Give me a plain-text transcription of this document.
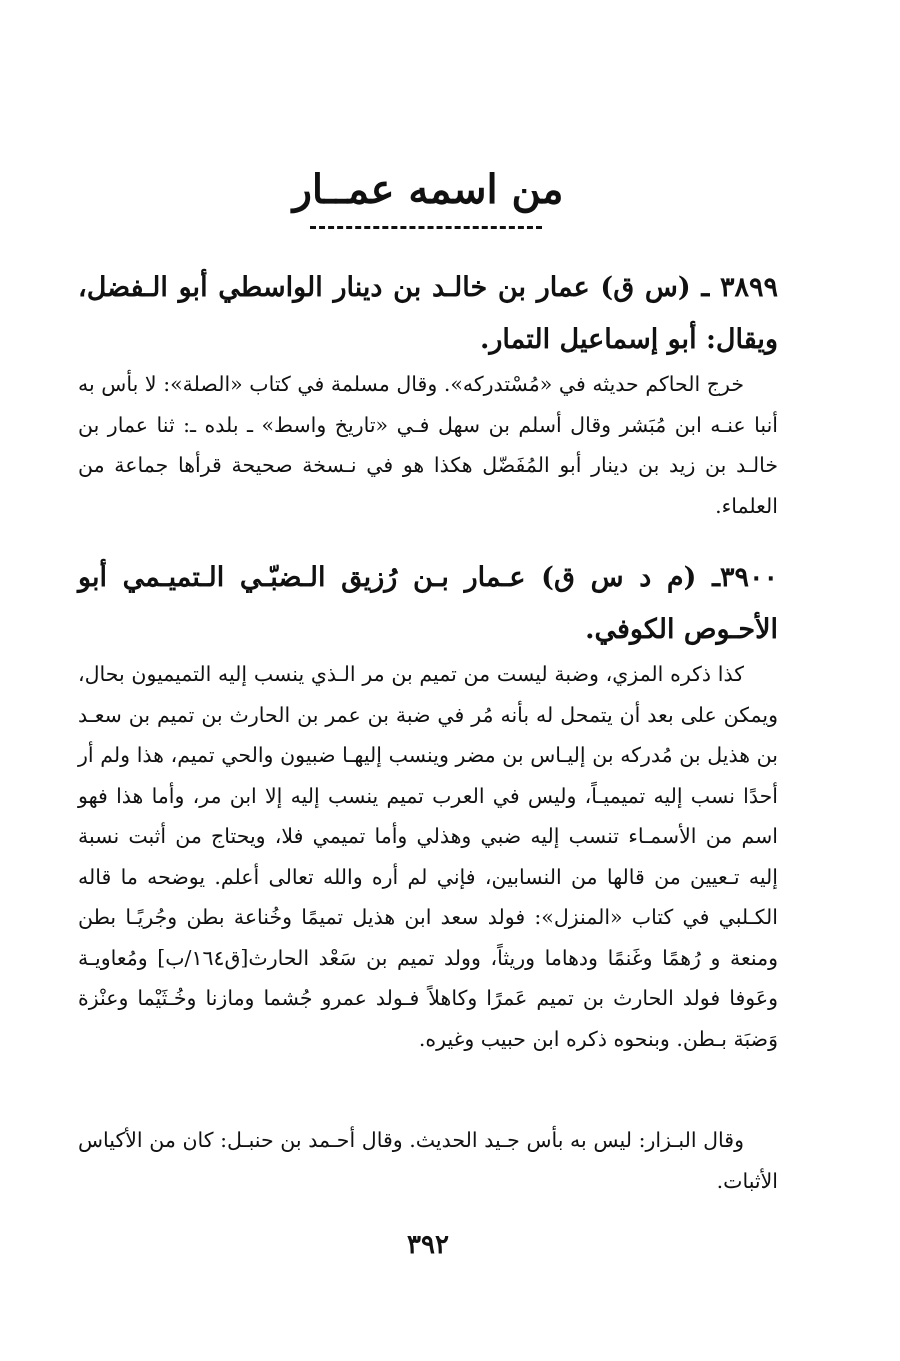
من اسمه عمــار
٣٨٩٩ ـ (س ق) عمار بن خالـد بن دينار الواسطي أبو الـفضل، ويقال: أبو إسماعيل التمار.
خرج الحاكم حديثه في «مُسْتدركه». وقال مسلمة في كتاب «الصلة»: لا بأس به أنبا عنـه ابن مُبَشر وقال أسلم بن سهل فـي «تاريخ واسط» ـ بلده ـ: ثنا عمار بن خالـد بن زيد بن دينار أبو المُفَضّل هكذا هو في نـسخة صحيحة قرأها جماعة من العلماء.
٣٩٠٠ـ (م د س ق) عـمار بـن رُزيق الـضبّـي الـتميـمي أبو الأحـوص الكوفي.
كذا ذكره المزي، وضبة ليست من تميم بن مر الـذي ينسب إليه التميميون بحال، ويمكن على بعد أن يتمحل له بأنه مُر في ضبة بن عمر بن الحارث بن تميم بن سعـد بن هذيل بن مُدركه بن إليـاس بن مضر وينسب إليهـا ضبيون والحي تميم، هذا ولم أر أحدًا نسب إليه تميميـاً، وليس في العرب تميم ينسب إليه إلا ابن مر، وأما هذا فهو اسم من الأسمـاء تنسب إليه ضبي وهذلي وأما تميمي فلا، ويحتاج من أثبت نسبة إليه تـعيين من قالها من النسابين، فإني لم أره والله تعالى أعلم. يوضحه ما قاله الكـلبي في كتاب «المنزل»: فولد سعد ابن هذيل تميمًا وخُناعة بطن وجُريًـا بطن ومنعة و رُهمًا وغَنمًا ودهاما وريثاً، وولد تميم بن سَعْد الحارث[ق١٦٤/ب] ومُعاويـة وعَوفا فولد الحارث بن تميم عَمرًا وكاهلاً فـولد عمرو جُشما ومازنا وخُـثَيْما وعنْزة وَضبَة بـطن. وبنحوه ذكره ابن حبيب وغيره.
وقال البـزار: ليس به بأس جـيد الحديث. وقال أحـمد بن حنبـل: كان من الأكياس الأثبات.
٣٩٢
